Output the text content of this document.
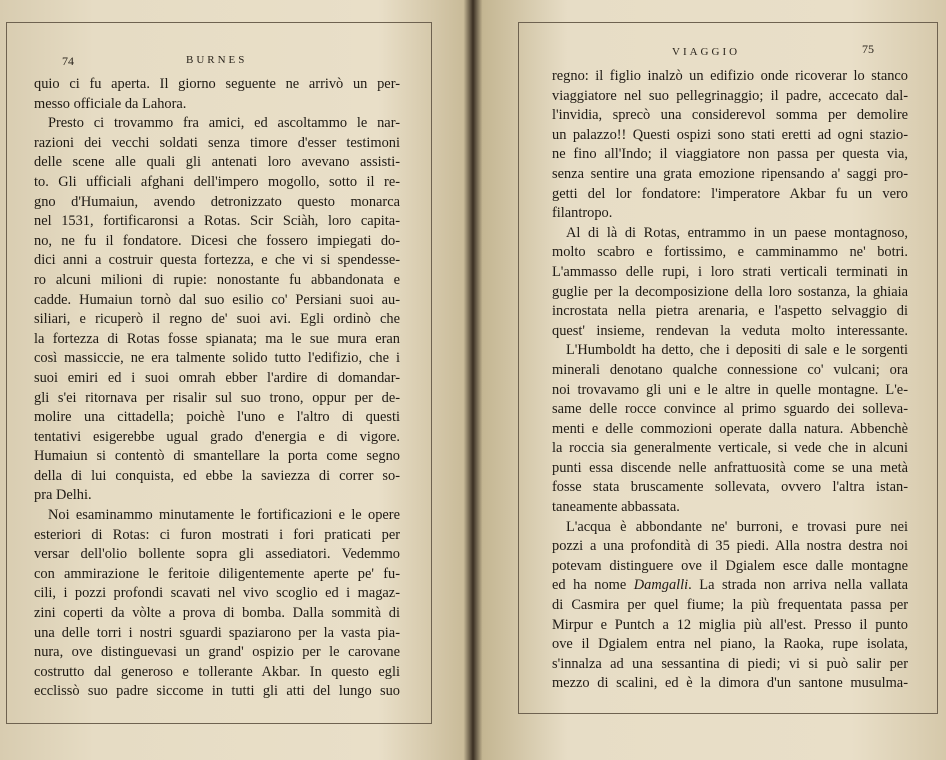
74	BURNES
quio ci fu aperta. Il giorno seguente ne arrivò un per-
messo officiale da Lahora.
Presto ci trovammo fra amici, ed ascoltammo le nar-
razioni dei vecchi soldati senza timore d'esser testimoni
delle scene alle quali gli antenati loro avevano assisti-
to. Gli ufficiali afghani dell'impero mogollo, sotto il re-
gno d'Humaiun, avendo detronizzato questo monarca
nel 1531, fortificaronsi a Rotas. Scir Sciàh, loro capita-
no, ne fu il fondatore. Dicesi che fossero impiegati do-
dici anni a costruir questa fortezza, e che vi si spendesse-
ro alcuni milioni di rupie: nonostante fu abbandonata e
cadde. Humaiun tornò dal suo esilio co' Persiani suoi au-
siliari, e ricuperò il regno de' suoi avi. Egli ordinò che
la fortezza di Rotas fosse spianata; ma le sue mura eran
così massiccie, ne era talmente solido tutto l'edifizio, che i
suoi emiri ed i suoi omrah ebber l'ardire di domandar-
gli s'ei ritornava per risalir sul suo trono, oppur per de-
molire una cittadella; poichè l'uno e l'altro di questi
tentativi esigerebbe ugual grado d'energia e di vigore.
Humaiun si contentò di smantellare la porta come segno
della di lui conquista, ed ebbe la saviezza di correr so-
pra Delhi.
Noi esaminammo minutamente le fortificazioni e le opere
esteriori di Rotas: ci furon mostrati i fori praticati per
versar dell'olio bollente sopra gli assediatori. Vedemmo
con ammirazione le feritoie diligentemente aperte pe' fu-
cili, i pozzi profondi scavati nel vivo scoglio ed i magaz-
zini coperti da vòlte a prova di bomba. Dalla sommità di
una delle torri i nostri sguardi spaziarono per la vasta pia-
nura, ove distinguevasi un grand' ospizio per le carovane
costrutto dal generoso e tollerante Akbar. In questo egli
ecclissò suo padre siccome in tutti gli atti del lungo suo
VIAGGIO	75
regno: il figlio inalzò un edifizio onde ricoverar lo stanco
viaggiatore nel suo pellegrinaggio; il padre, accecato dal-
l'invidia, sprecò una considerevol somma per demolire
un palazzo!! Questi ospizi sono stati eretti ad ogni stazio-
ne fino all'Indo; il viaggiatore non passa per questa via,
senza sentire una grata emozione ripensando a' saggi pro-
getti del lor fondatore: l'imperatore Akbar fu un vero
filantropo.
Al di là di Rotas, entrammo in un paese montagnoso,
molto scabro e fortissimo, e camminammo ne' botri.
L'ammasso delle rupi, i loro strati verticali terminati in
guglie per la decomposizione della loro sostanza, la ghiaia
incrostata nella pietra arenaria, e l'aspetto selvaggio di
quest' insieme, rendevan la veduta molto interessante.
L'Humboldt ha detto, che i depositi di sale e le sorgenti
minerali denotano qualche connessione co' vulcani; ora
noi trovavamo gli uni e le altre in quelle montagne. L'e-
same delle rocce convince al primo sguardo dei solleva-
menti e delle commozioni operate dalla natura. Abbenchè
la roccia sia generalmente verticale, si vede che in alcuni
punti essa discende nelle anfrattuosità come se una metà
fosse stata bruscamente sollevata, ovvero l'altra istan-
taneamente abbassata.
L'acqua è abbondante ne' burroni, e trovasi pure nei
pozzi a una profondità di 35 piedi. Alla nostra destra noi
potevam distinguere ove il Dgialem esce dalle montagne
ed ha nome Damgalli. La strada non arriva nella vallata
di Casmira per quel fiume; la più frequentata passa per
Mirpur e Puntch a 12 miglia più all'est. Presso il punto
ove il Dgialem entra nel piano, la Raoka, rupe isolata,
s'innalza ad una sessantina di piedi; vi si può salir per
mezzo di scalini, ed è la dimora d'un santone musulma-
